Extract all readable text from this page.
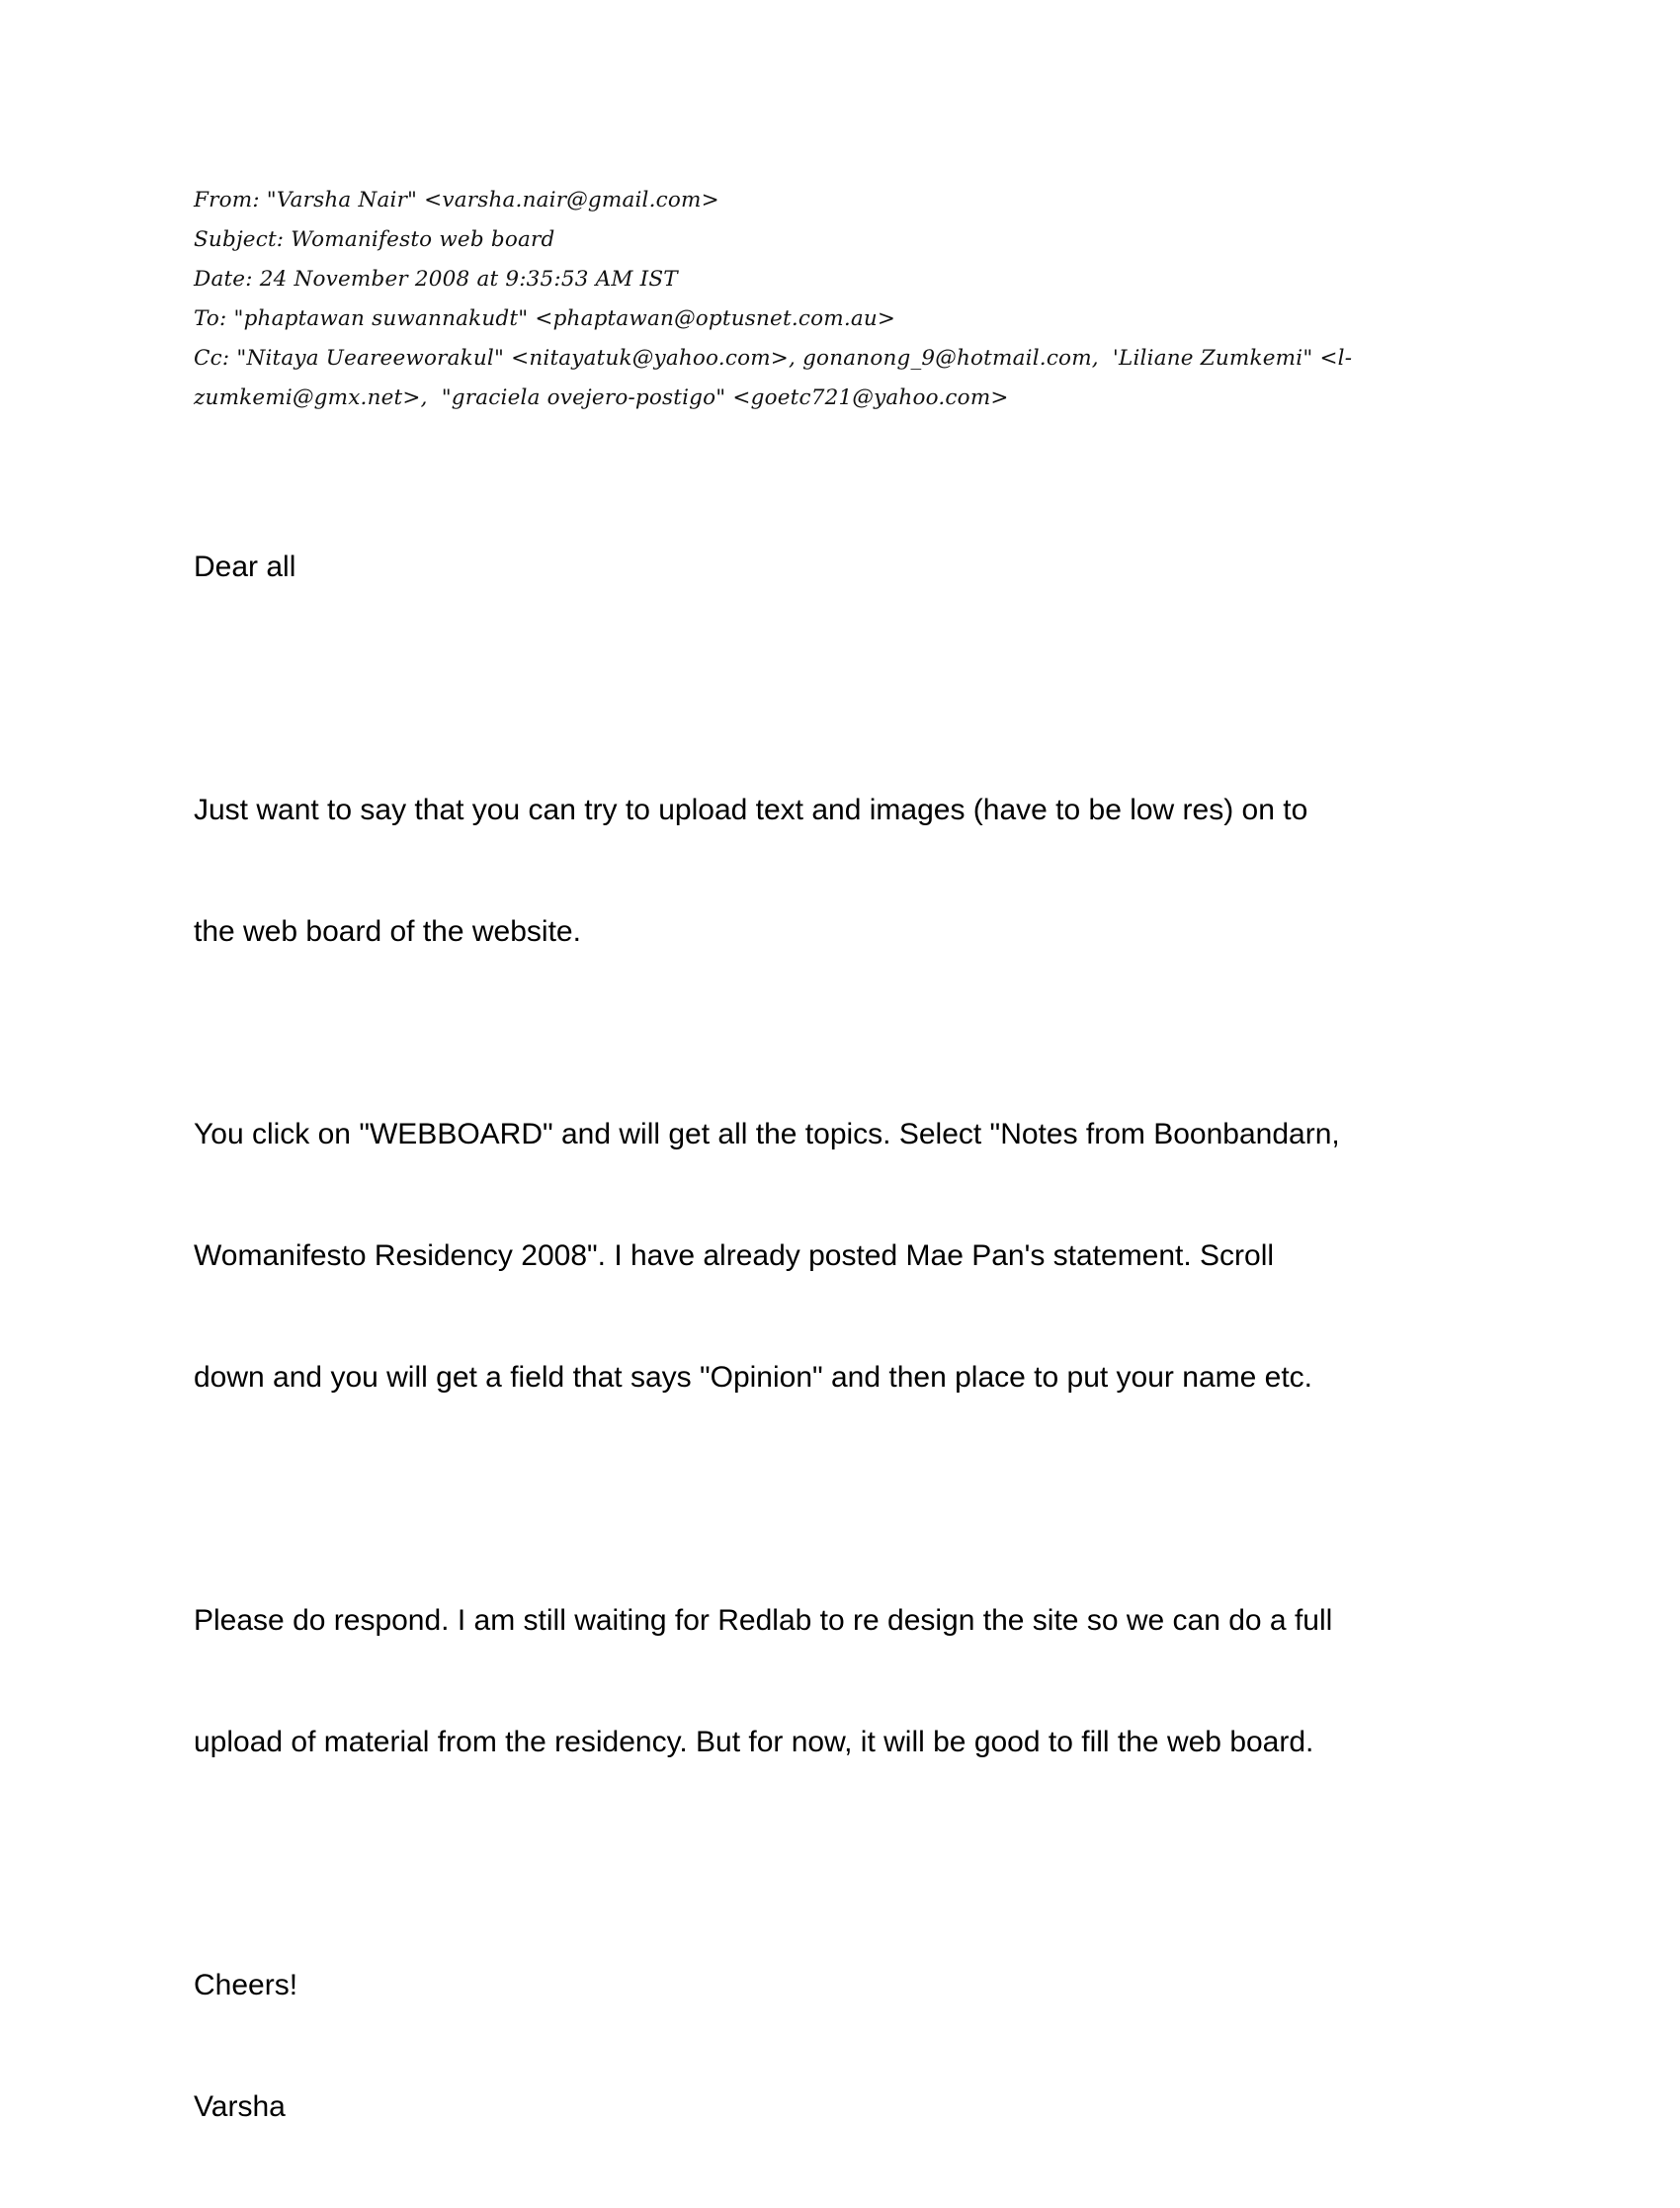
From: "Varsha Nair" <varsha.nair@gmail.com>
Subject: Womanifesto web board
Date: 24 November 2008 at 9:35:53 AM IST
To: "phaptawan suwannakudt" <phaptawan@optusnet.com.au>
Cc: "Nitaya Ueareeworakul" <nitayatuk@yahoo.com>, gonanong_9@hotmail.com,  'Liliane Zumkemi" <l-
zumkemi@gmx.net>,  "graciela ovejero-postigo" <goetc721@yahoo.com>

Dear all

Just want to say that you can try to upload text and images (have to be low res) on to

the web board of the website.

You click on "WEBBOARD" and will get all the topics. Select "Notes from Boonbandarn,

Womanifesto Residency 2008". I have already posted Mae Pan's statement. Scroll

down and you will get a field that says "Opinion" and then place to put your name etc.

Please do respond. I am still waiting for Redlab to re design the site so we can do a full

upload of material from the residency. But for now, it will be good to fill the web board.

Cheers!

Varsha
